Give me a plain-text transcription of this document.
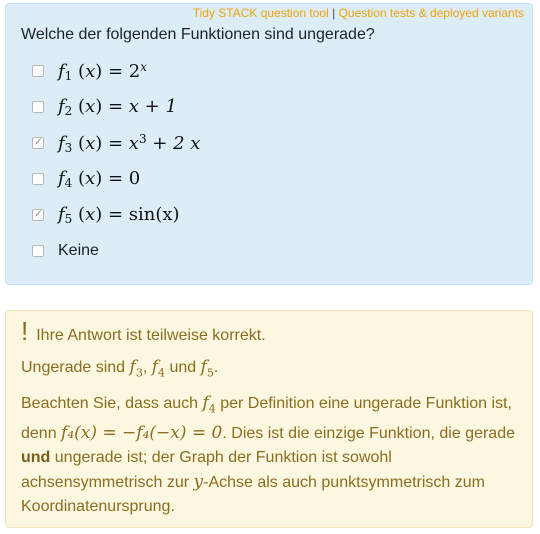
Tidy STACK question tool | Question tests & deployed variants
Welche der folgenden Funktionen sind ungerade?
$f_1$ $(x) = 2^x$
$f_2$ (x) = x + 1
✓ $f_3$ $(x) = x^3 + 2$ x
$f_4$ (x) = 0
✓ $f_5$ (x) = sin(x)
Keine
! Ihre Antwort ist teilweise korrekt.
Ungerade sind $f_3$, $f_4$ und $f_5$.
Beachten Sie, dass auch $f_4$ per Definition eine ungerade Funktion ist, denn f₄(x) = −f₄(−x) = 0. Dies ist die einzige Funktion, die gerade und ungerade ist; der Graph der Funktion ist sowohl achsensymmetrisch zur y-Achse als auch punktsymmetrisch zum Koordinatenursprung.
